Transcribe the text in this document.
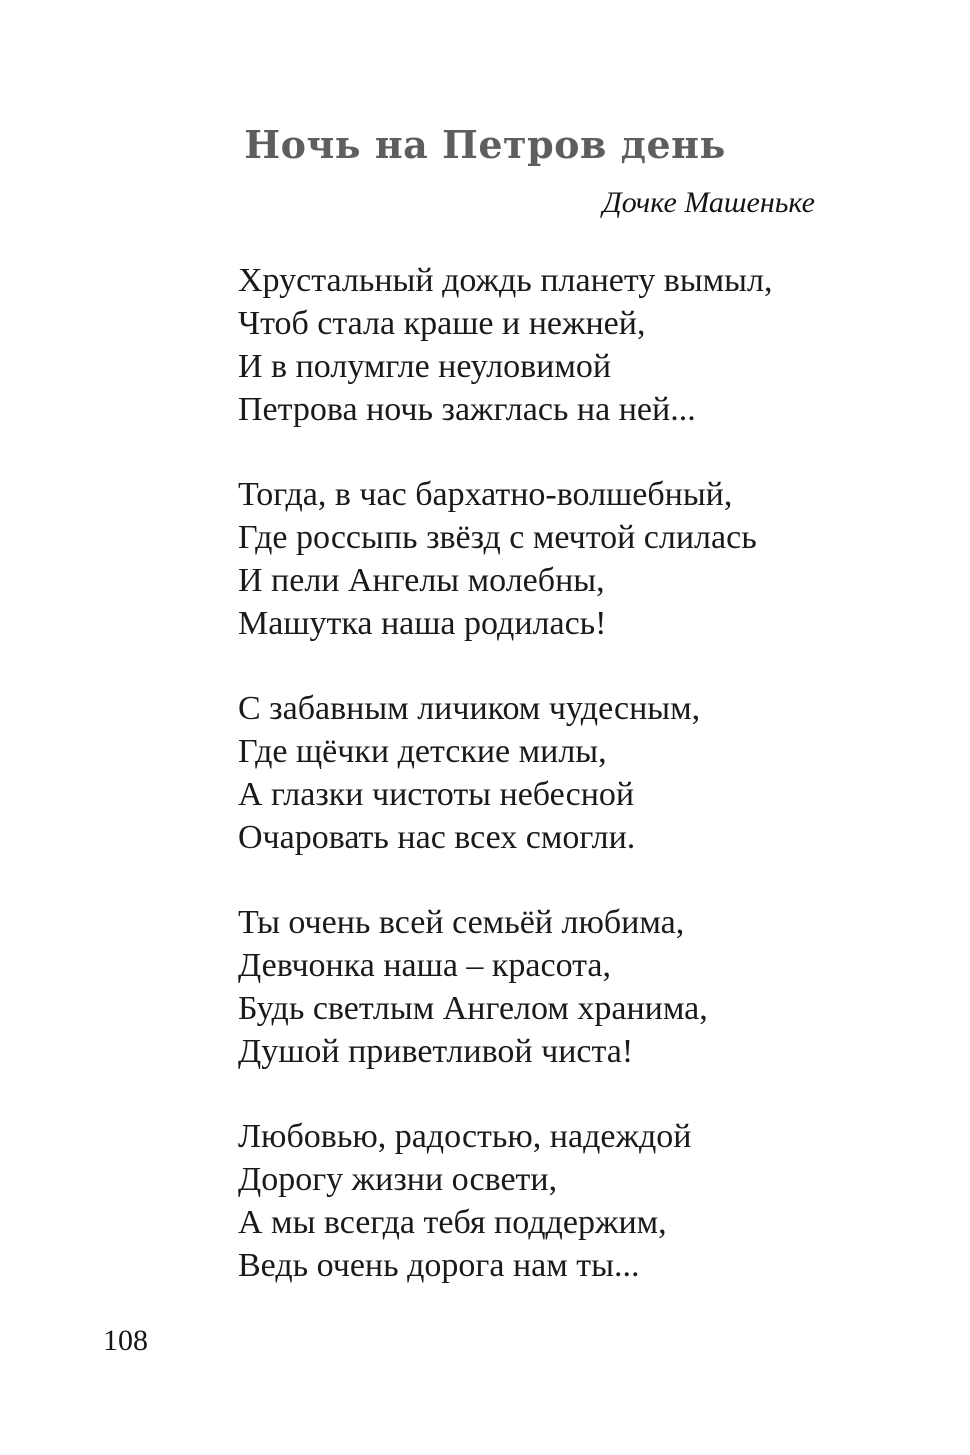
Ночь на Петров день
Дочке Машеньке

Хрустальный дождь планету вымыл,

Чтоб стала краше и нежней,

И в полумгле неуловимой

Петрова ночь зажглась на ней...

Тогда, в час бархатно-волшебный,

Где россыпь звёзд с мечтой слилась

И пели Ангелы молебны,

Машутка наша родилась!

С забавным личиком чудесным,

Где щёчки детские милы,

А глазки чистоты небесной

Очаровать нас всех смогли.

Ты очень всей семьёй любима,

Девчонка наша – красота,

Будь светлым Ангелом хранима,

Душой приветливой чиста!

Любовью, радостью, надеждой

Дорогу жизни освети,

А мы всегда тебя поддержим,

Ведь очень дорога нам ты...

108
